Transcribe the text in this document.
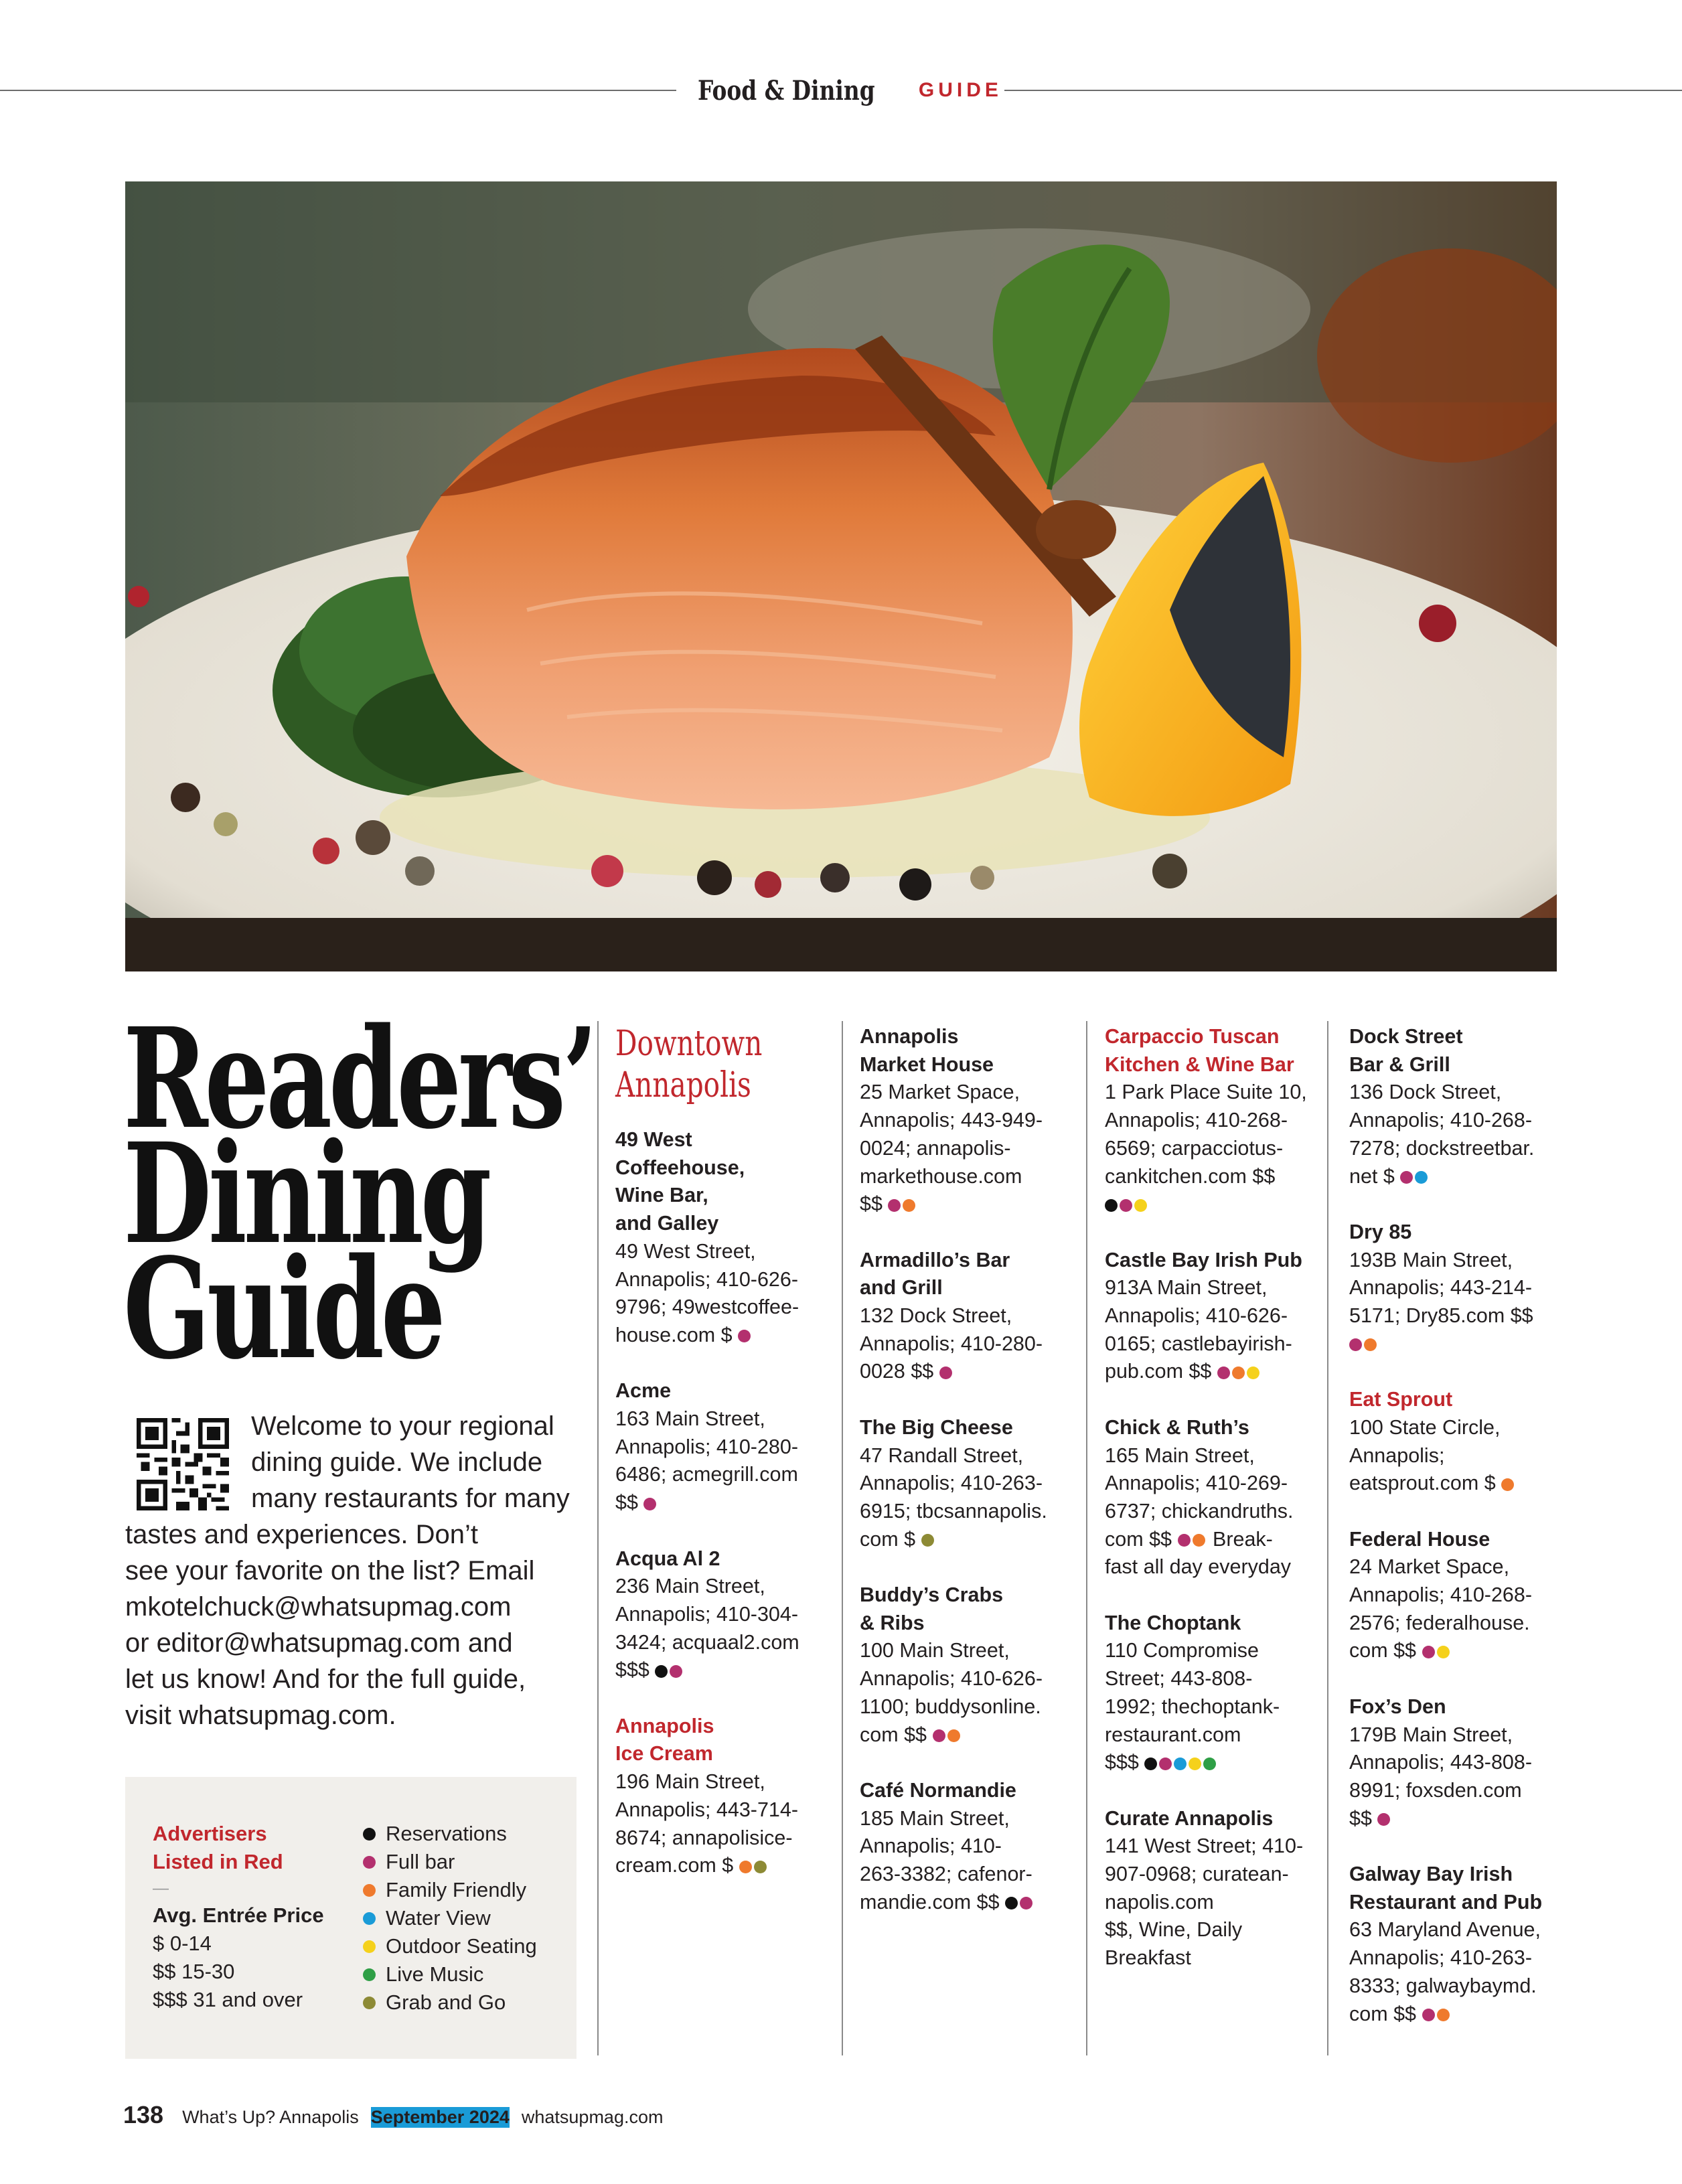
Food & Dining GUIDE
Readers’
Dining
Guide
Welcome to your regional
dining guide. We include
many restaurants for many
tastes and experiences. Don’t
see your favorite on the list? Email
mkotelchuck@whatsupmag.com
or editor@whatsupmag.com and
let us know! And for the full guide,
visit whatsupmag.com.
Advertisers
Listed in Red
—
Avg. Entrée Price
$ 0-14
$$ 15-30
$$$ 31 and over
Reservations
Full bar
Family Friendly
Water View
Outdoor Seating
Live Music
Grab and Go
Downtown
Annapolis
49 West
Coffeehouse,
Wine Bar,
and Galley
49 West Street,
Annapolis; 410-626-
9796; 49westcoffee-
house.com $
Acme
163 Main Street,
Annapolis; 410-280-
6486; acmegrill.com
$$
Acqua Al 2
236 Main Street,
Annapolis; 410-304-
3424; acquaal2.com
$$$
Annapolis
Ice Cream
196 Main Street,
Annapolis; 443-714-
8674; annapolisice-
cream.com $
Annapolis
Market House
25 Market Space,
Annapolis; 443-949-
0024; annapolis-
markethouse.com
$$
Armadillo’s Bar
and Grill
132 Dock Street,
Annapolis; 410-280-
0028 $$
The Big Cheese
47 Randall Street,
Annapolis; 410-263-
6915; tbcsannapolis.
com $
Buddy’s Crabs
& Ribs
100 Main Street,
Annapolis; 410-626-
1100; buddysonline.
com $$
Café Normandie
185 Main Street,
Annapolis; 410-
263-3382; cafenor-
mandie.com $$
Carpaccio Tuscan
Kitchen & Wine Bar
1 Park Place Suite 10,
Annapolis; 410-268-
6569; carpacciotus-
cankitchen.com $$
Castle Bay Irish Pub
913A Main Street,
Annapolis; 410-626-
0165; castlebayirish-
pub.com $$
Chick & Ruth’s
165 Main Street,
Annapolis; 410-269-
6737; chickandruths.
com $$ Break-
fast all day everyday
The Choptank
110 Compromise
Street; 443-808-
1992; thechoptank-
restaurant.com
$$$
Curate Annapolis
141 West Street; 410-
907-0968; curatean-
napolis.com
$$, Wine, Daily
Breakfast
Dock Street
Bar & Grill
136 Dock Street,
Annapolis; 410-268-
7278; dockstreetbar.
net $
Dry 85
193B Main Street,
Annapolis; 443-214-
5171; Dry85.com $$
Eat Sprout
100 State Circle,
Annapolis;
eatsprout.com $
Federal House
24 Market Space,
Annapolis; 410-268-
2576; federalhouse.
com $$
Fox’s Den
179B Main Street,
Annapolis; 443-808-
8991; foxsden.com
$$
Galway Bay Irish
Restaurant and Pub
63 Maryland Avenue,
Annapolis; 410-263-
8333; galwaybaymd.
com $$
138 What’s Up? Annapolis September 2024 whatsupmag.com
